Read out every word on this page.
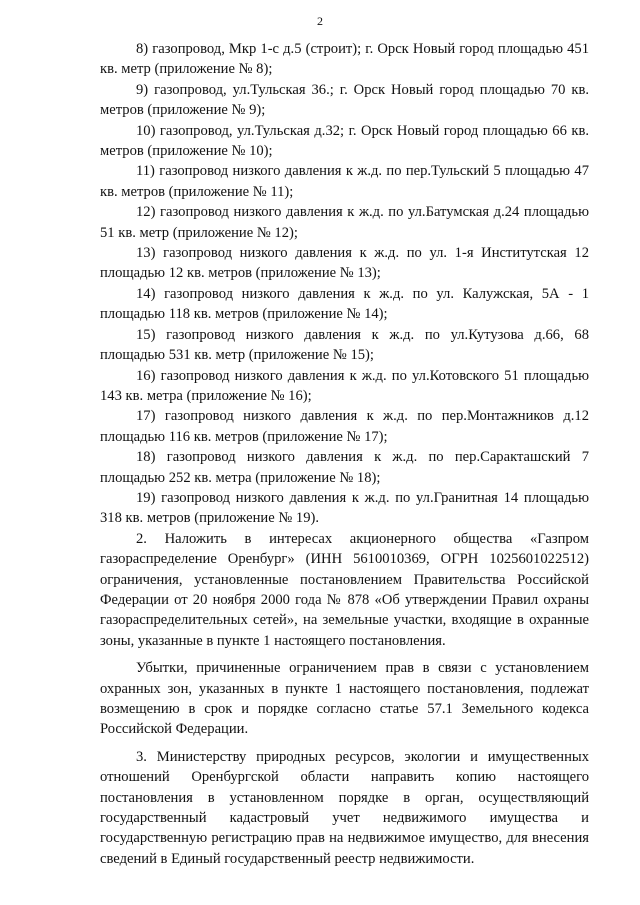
2

8) газопровод, Мкр 1-с д.5 (строит); г. Орск Новый город площадью 451 кв. метр (приложение № 8);

9) газопровод, ул.Тульская 36.; г. Орск Новый город площадью 70 кв. метров (приложение № 9);

10) газопровод, ул.Тульская д.32; г. Орск Новый город площадью 66 кв. метров (приложение № 10);

11) газопровод низкого давления к ж.д. по пер.Тульский 5 площадью 47 кв. метров (приложение № 11);

12) газопровод низкого давления к ж.д. по ул.Батумская д.24 площадью 51 кв. метр (приложение № 12);

13) газопровод низкого давления к ж.д. по ул. 1-я Институтская 12 площадью 12 кв. метров (приложение № 13);

14) газопровод низкого давления к ж.д. по ул. Калужская, 5А - 1 площадью 118 кв. метров (приложение № 14);

15) газопровод низкого давления к ж.д. по ул.Кутузова д.66, 68 площадью 531 кв. метр (приложение № 15);

16) газопровод низкого давления к ж.д. по ул.Котовского 51 площадью 143 кв. метра (приложение № 16);

17) газопровод низкого давления к ж.д. по пер.Монтажников д.12 площадью 116 кв. метров (приложение № 17);

18) газопровод низкого давления к ж.д. по пер.Саракташский 7 площадью 252 кв. метра (приложение № 18);

19) газопровод низкого давления к ж.д. по ул.Гранитная 14 площадью 318 кв. метров (приложение № 19).

2. Наложить в интересах акционерного общества «Газпром газораспределение Оренбург» (ИНН 5610010369, ОГРН 1025601022512) ограничения, установленные постановлением Правительства Российской Федерации от 20 ноября 2000 года № 878 «Об утверждении Правил охраны газораспределительных сетей», на земельные участки, входящие в охранные зоны, указанные в пункте 1 настоящего постановления.

Убытки, причиненные ограничением прав в связи с установлением охранных зон, указанных в пункте 1 настоящего постановления, подлежат возмещению в срок и порядке согласно статье 57.1 Земельного кодекса Российской Федерации.

3. Министерству природных ресурсов, экологии и имущественных отношений Оренбургской области направить копию настоящего постановления в установленном порядке в орган, осуществляющий государственный кадастровый учет недвижимого имущества и государственную регистрацию прав на недвижимое имущество, для внесения сведений в Единый государственный реестр недвижимости.
